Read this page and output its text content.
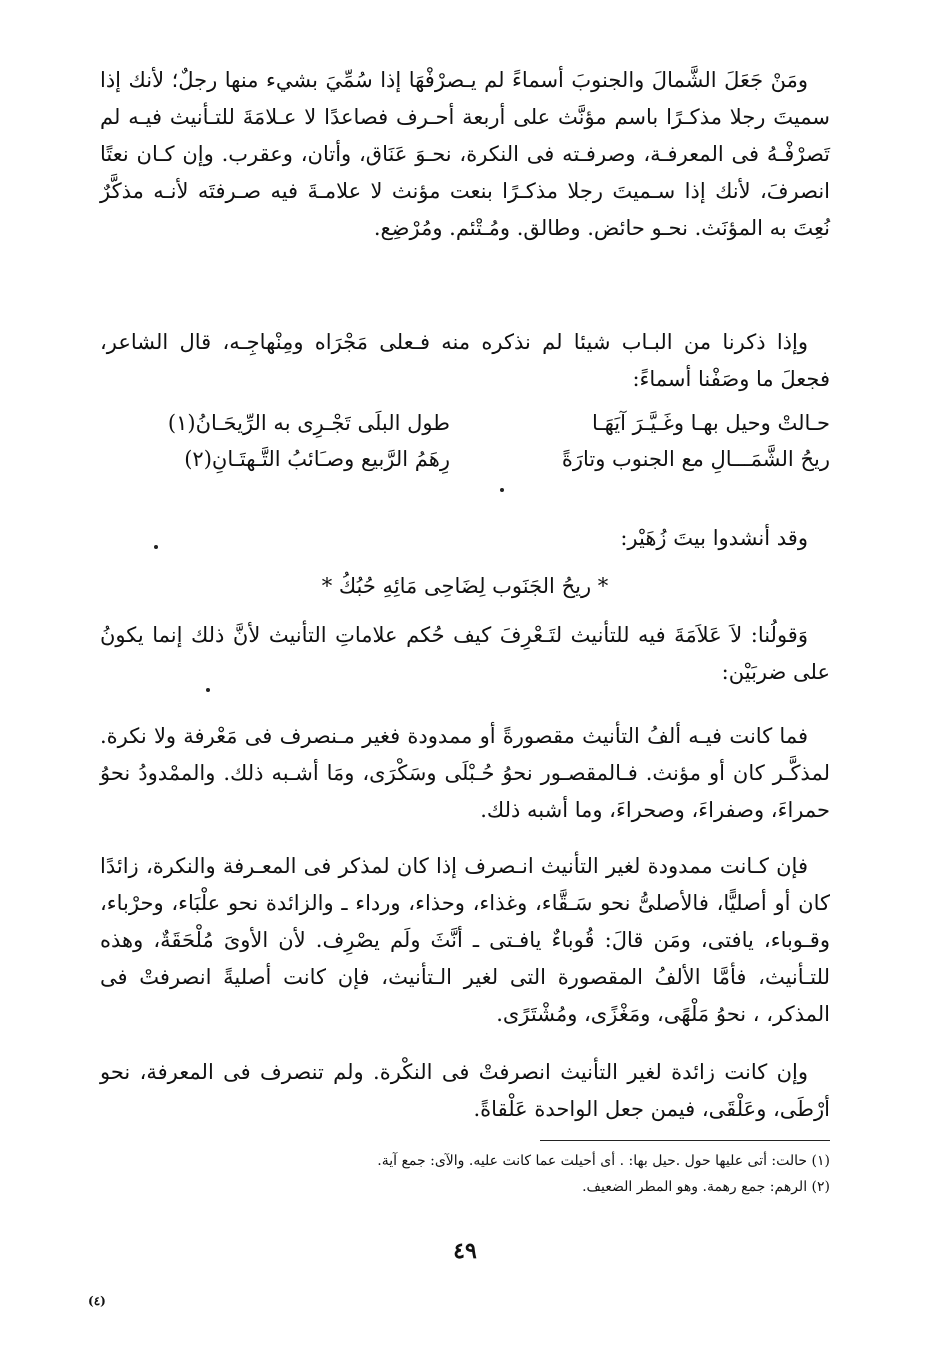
ومَنْ جَعَلَ الشَّمالَ والجنوبَ أسماءً لم يـصرْفْهَا إذا سُمِّيَ بشيء منها رجلٌ؛ لأنك إذا سميتَ رجلا مذكـرًا باسم مؤنَّث على أربعة أحـرف فصاعدًا لا عـلامَةَ للتـأنيث فيـه لم تَصرْفْـهُ فى المعرفـة، وصرفـته فى النكرة، نحـوَ عَنَاق، وأتان، وعقرب. وإن كـان نعتًا انصرفَ، لأنك إذا سـميتَ رجلا مذكـرًا بنعت مؤنث لا علامـةَ فيه صـرفتَه لأنـه مذكَّرٌ نُعِتَ به المؤنَث. نحـو حائض. وطالق. ومُـتْئم. ومُرْضِع.

وإذا ذكرنا من البـاب شيئا لم نذكره منه فـعلى مَجْرَاه ومِنْهاجِـه، قال الشاعر، فجعلَ ما وصَفْنا أسماءً:

حـالتْ وحيل بهـا وغَـيَّـرَ آيَهَـا
طول البلَى تَجْـرِى به الرِّيحَـانُ(١)
ريحُ الشَّمَـــالِ مع الجنوب وتارَةً
رِهَمُ الرَّبيع وصـَائبُ التَّـهتَـانِ(٢)

وقد أنشدوا بيتَ زُهَيْر:

* ريحُ الجَنَوب لِضَاحِى مَائِهِ حُبُكُ *

وَقولُنا: لاَ عَلاَمَةَ فيه للتأنيث لتَـعْرِفَ كيف حُكم علاماتِ التأنيث لأنَّ ذلك إنما يكونُ على ضربَيْن:

فما كانت فيـه ألفُ التأنيث مقصورةً أو ممدودة فغير مـنصرف فى مَعْرفة ولا نكرة. لمذكَّـر كان أو مؤنث. فـالمقصـور نحوُ حُـبْلَى وسَكْرَى، ومَا أشـبه ذلك. والممْدودُ نحوُ حمراءَ، وصفراءَ، وصحراءَ، وما أشبه ذلك.

فإن كـانت ممدودة لغير التأنيث انـصرف إذا كان لمذكر فى المعـرفة والنكرة، زائدًا كان أو أصليًّا، فالأصلىُّ نحو سَـقَّاء، وغذاء، وحذاء، ورداء ـ والزائدة نحو علْبَاء، وحرْباء، وقـوباء، يافتى، ومَن قالَ: قُوباءٌ يافـتى ـ أنَّثَ ولَم يصْرِف. لأن الأوىَ مُلْحَقَةٌ، وهذه للتـأنيث، فأمَّا الألفُ المقصورة التى لغير الـتأنيث، فإن كانت أصليةً انصرفتْ فى المذكر، ، نحوُ مَلْهًى، ومَغْزًى، ومُشْتَرًى.

وإن كانت زائدة لغير التأنيث انصرفتْ فى النكْرة. ولم تنصرف فى المعرفة، نحو أرْطَى، وعَلْقَى، فيمن جعل الواحدة عَلْقاةً.

(١) حالت: أتى عليها حول .حيل بها: . أى أحيلت عما كانت عليه. والآى: جمع آية.
(٢) الرهم: جمع رهمة. وهو المطر الضعيف.
٤٩
(٤)
